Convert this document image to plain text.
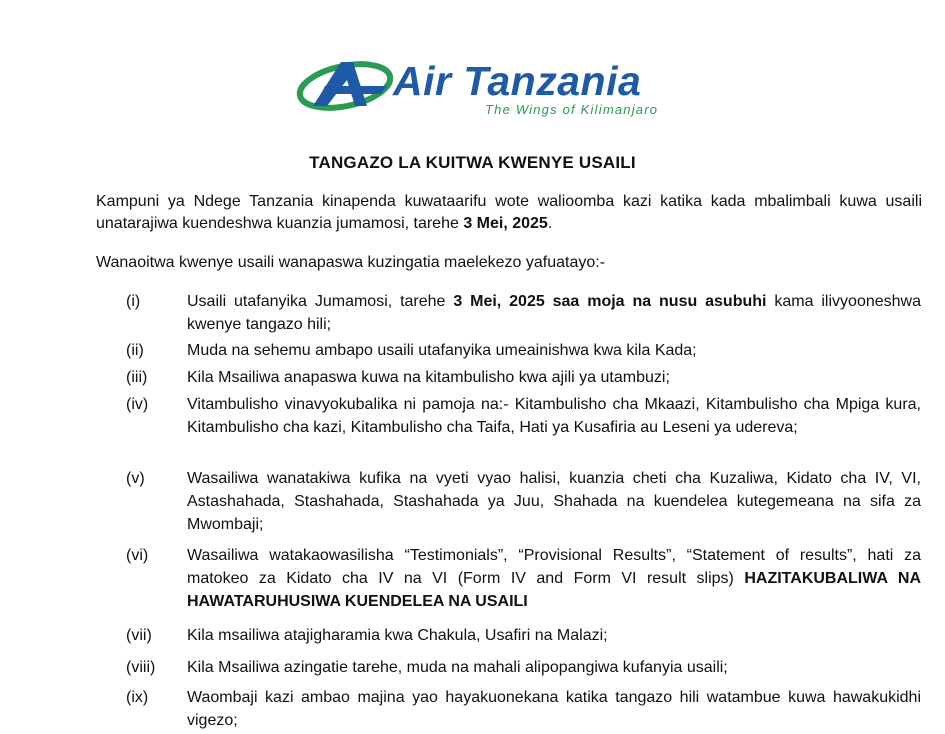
Air Tanzania
The Wings of Kilimanjaro
TANGAZO LA KUITWA KWENYE USAILI
Kampuni ya Ndege Tanzania kinapenda kuwataarifu wote walioomba kazi katika kada mbalimbali kuwa usaili unatarajiwa kuendeshwa kuanzia jumamosi, tarehe 3 Mei, 2025.
Wanaoitwa kwenye usaili wanapaswa kuzingatia maelekezo yafuatayo:-
(i)	Usaili utafanyika Jumamosi, tarehe 3 Mei, 2025 saa moja na nusu asubuhi kama ilivyooneshwa kwenye tangazo hili;
(ii)	Muda na sehemu ambapo usaili utafanyika umeainishwa kwa kila Kada;
(iii) Kila Msailiwa anapaswa kuwa na kitambulisho kwa ajili ya utambuzi;
(iv) Vitambulisho vinavyokubalika ni pamoja na:- Kitambulisho cha Mkaazi, Kitambulisho cha Mpiga kura, Kitambulisho cha kazi, Kitambulisho cha Taifa, Hati ya Kusafiria au Leseni ya udereva;
(v)	Wasailiwa wanatakiwa kufika na vyeti vyao halisi, kuanzia cheti cha Kuzaliwa, Kidato cha IV, VI, Astashahada, Stashahada, Stashahada ya Juu, Shahada na kuendelea kutegemeana na sifa za Mwombaji;
(vi) Wasailiwa watakaowasilisha “Testimonials”, “Provisional Results”, “Statement of results”, hati za matokeo za Kidato cha IV na VI (Form IV and Form VI result slips) HAZITAKUBALIWA NA HAWATARUHUSIWA KUENDELEA NA USAILI
(vii) Kila msailiwa atajigharamia kwa Chakula, Usafiri na Malazi;
(viii) Kila Msailiwa azingatie tarehe, muda na mahali alipopangiwa kufanyia usaili;
(ix) Waombaji kazi ambao majina yao hayakuonekana katika tangazo hili watambue kuwa hawakukidhi vigezo;
